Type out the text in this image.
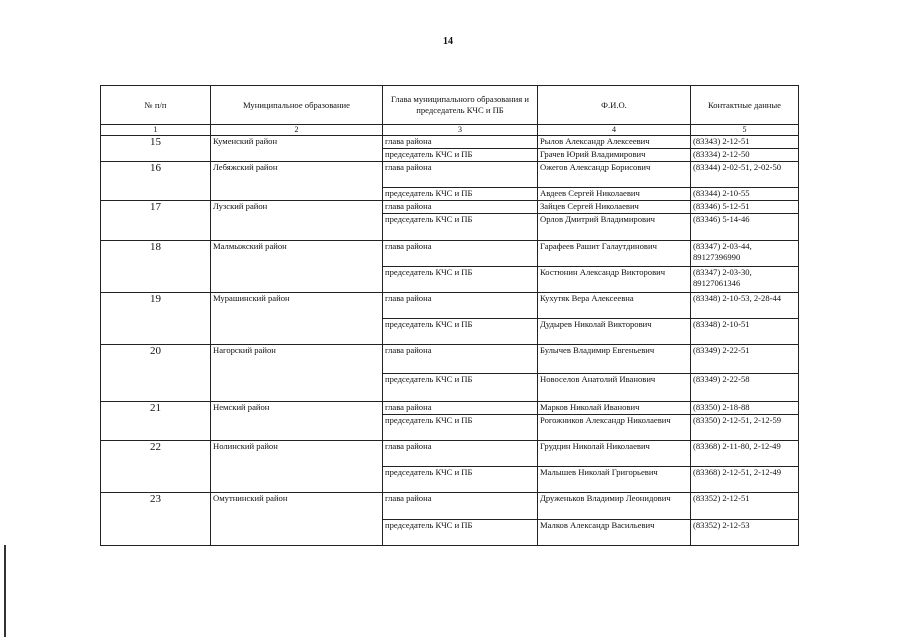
14
№ п/п	Муниципальное образование	Глава муниципального образования и председатель КЧС и ПБ	Ф.И.О.	Контактные данные
1	2	3	4	5
15	Куменский район	глава района	Рылов Александр Алексеевич	(83343) 2-12-51
		председатель КЧС и ПБ	Грачев Юрий Владимирович	(83334) 2-12-50
16	Лебяжский район	глава района	Ожегов Александр Борисович	(83344) 2-02-51, 2-02-50
		председатель КЧС и ПБ	Авдеев Сергей Николаевич	(83344) 2-10-55
17	Лузский район	глава района	Зайцев Сергей Николаевич	(83346) 5-12-51
		председатель КЧС и ПБ	Орлов Дмитрий Владимирович	(83346) 5-14-46
18	Малмыжский район	глава района	Гарафеев Рашит Галаутдинович	(83347) 2-03-44, 89127396990
		председатель КЧС и ПБ	Костюнин Александр Викторович	(83347) 2-03-30, 89127061346
19	Мурашинский район	глава района	Кухутяк Вера Алексеевна	(83348) 2-10-53, 2-28-44
		председатель КЧС и ПБ	Дудырев Николай Викторович	(83348) 2-10-51
20	Нагорский район	глава района	Булычев Владимир Евгеньевич	(83349) 2-22-51
		председатель КЧС и ПБ	Новоселов Анатолий Иванович	(83349) 2-22-58
21	Немский район	глава района	Марков Николай Иванович	(83350) 2-18-88
		председатель КЧС и ПБ	Рогожников Александр Николаевич	(83350) 2-12-51, 2-12-59
22	Нолинский район	глава района	Грудцин Николай Николаевич	(83368) 2-11-80, 2-12-49
		председатель КЧС и ПБ	Малышев Николай Григорьевич	(83368) 2-12-51, 2-12-49
23	Омутнинский район	глава района	Друженьков Владимир Леонидович	(83352) 2-12-51
		председатель КЧС и ПБ	Малков Александр Васильевич	(83352) 2-12-53
